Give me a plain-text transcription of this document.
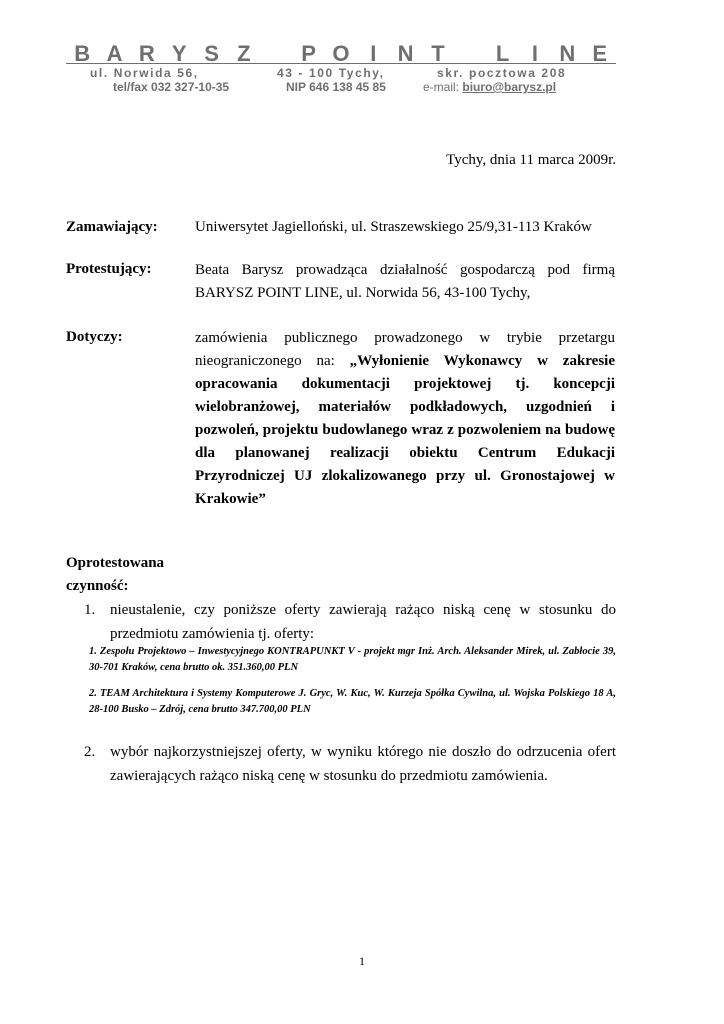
B A R Y S Z P O I N T L I N E
ul. Norwida 56,	43 - 100 Tychy,	skr. pocztowa 208
tel/fax 032 327-10-35	NIP 646 138 45 85	e-mail: biuro@barysz.pl
Tychy, dnia 11 marca 2009r.
Zamawiający: Uniwersytet Jagielloński, ul. Straszewskiego 25/9,31-113 Kraków
Protestujący:	Beata Barysz prowadząca działalność gospodarczą pod firmą BARYSZ POINT LINE, ul. Norwida 56, 43-100 Tychy,
Dotyczy:	zamówienia publicznego prowadzonego w trybie przetargu nieograniczonego na: „Wyłonienie Wykonawcy w zakresie opracowania dokumentacji projektowej tj. koncepcji wielobranżowej, materiałów podkładowych, uzgodnień i pozwoleń, projektu budowlanego wraz z pozwoleniem na budowę dla planowanej realizacji obiektu Centrum Edukacji Przyrodniczej UJ zlokalizowanego przy ul. Gronostajowej w Krakowie”
Oprotestowana
czynność:
1. nieustalenie, czy poniższe oferty zawierają rażąco niską cenę w stosunku do przedmiotu zamówienia tj. oferty:
1. Zespołu Projektowo – Inwestycyjnego KONTRAPUNKT V - projekt mgr Inż. Arch. Aleksander Mirek, ul. Zabłocie 39, 30-701 Kraków, cena brutto ok. 351.360,00 PLN
2. TEAM Architektura i Systemy Komputerowe J. Gryc, W. Kuc, W. Kurzeja Spółka Cywilna, ul. Wojska Polskiego 18 A, 28-100 Busko – Zdrój, cena brutto 347.700,00 PLN
2. wybór najkorzystniejszej oferty, w wyniku którego nie doszło do odrzucenia ofert zawierających rażąco niską cenę w stosunku do przedmiotu zamówienia.
1
